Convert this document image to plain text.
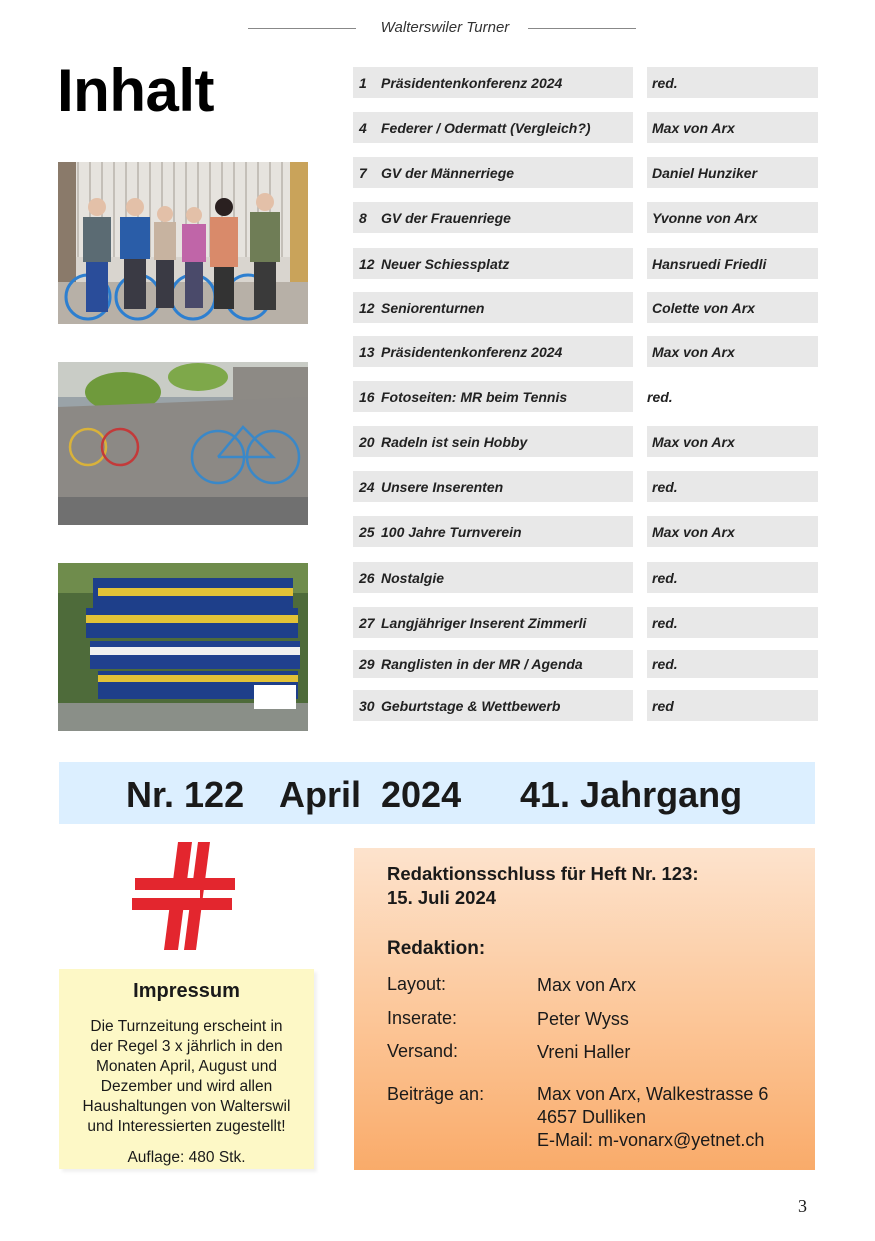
Walterswiler Turner
Inhalt	1	Präsidentenkonferenz 2024	red.
4	Federer / Odermatt (Vergleich?)	Max von Arx
7	GV der Männerriege	Daniel Hunziker
8	GV der Frauenriege	Yvonne von Arx
12 Neuer Schiessplatz	Hansruedi Friedli
12 Seniorenturnen	Colette von Arx
13 Präsidentenkonferenz 2024	Max von Arx
16 Fotoseiten: MR beim Tennis	red.
20 Radeln ist sein Hobby	Max von Arx
24 Unsere Inserenten	red.
25 100 Jahre Turnverein	Max von Arx
26 Nostalgie	red.
27 Langjähriger Inserent Zimmerli	red.
29 Ranglisten in der MR / Agenda	red.
30 Geburtstage & Wettbewerb	red
Nr. 122 April  2024 41. Jahrgang
Impressum
Die Turnzeitung erscheint in
der Regel 3 x jährlich in den
Monaten April, August und
Dezember und wird allen
Haushaltungen von Walterswil
und Interessierten zugestellt!
Auflage: 480 Stk.
Redaktionsschluss für Heft Nr. 123:
15. Juli 2024
Redaktion:
Layout:	Max von Arx
Inserate:	Peter Wyss
Versand:	Vreni Haller
Beiträge an:	Max von Arx, Walkestrasse 6
4657 Dulliken
E-Mail: m-vonarx@yetnet.ch
3
